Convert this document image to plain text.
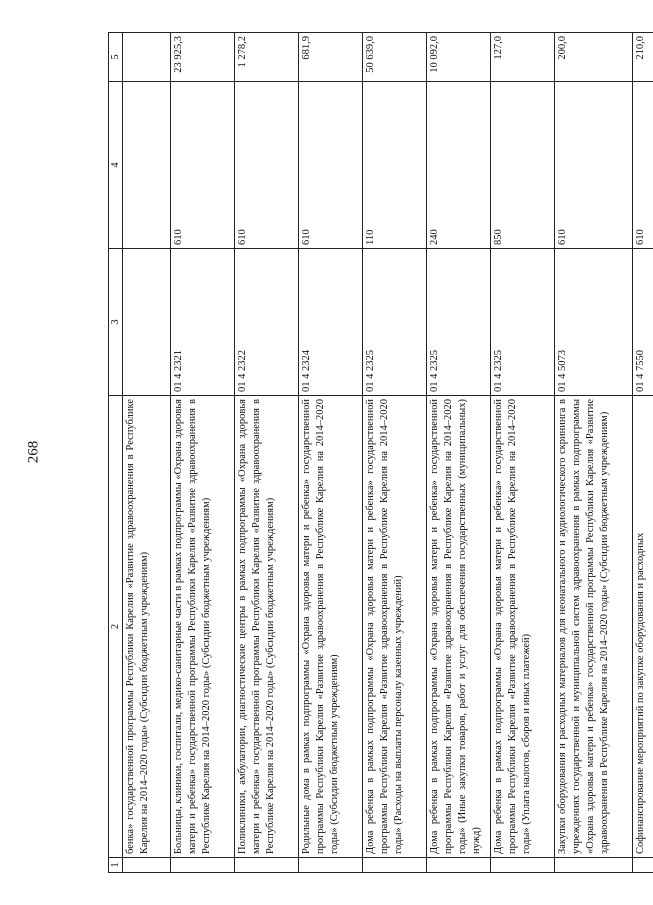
268
1	2	3	4	5
	бенка» государственной программы Республики Карелия «Развитие здравоохранения в Республике Карелия на 2014–2020 годы» (Субсидии бюджетным учреждениям)			
	Больницы, клиники, госпитали, медико-санитарные части в рамках подпрограммы «Охрана здоровья матери и ребенка» государственной программы Республики Карелия «Развитие здравоохранения в Республике Карелия на 2014–2020 годы» (Субсидии бюджетным учреждениям)	01 4 2321	610	23 925,3
	Поликлиники, амбулатории, диагностические центры в рамках подпрограммы «Охрана здоровья матери и ребенка» государственной программы Республики Карелия «Развитие здравоохранения в Республике Карелия на 2014–2020 годы» (Субсидии бюджетным учреждениям)	01 4 2322	610	1 278,2
	Родильные дома в рамках подпрограммы «Охрана здоровья матери и ребенка» государственной программы Республики Карелия «Развитие здравоохранения в Республике Карелия на 2014–2020 годы» (Субсидии бюджетным учреждениям)	01 4 2324	610	681,9
	Дома ребенка в рамках подпрограммы «Охрана здоровья матери и ребенка» государственной программы Республики Карелия «Развитие здравоохранения в Республике Карелия на 2014–2020 годы» (Расходы на выплаты персоналу казенных учреждений)	01 4 2325	110	50 639,0
	Дома ребенка в рамках подпрограммы «Охрана здоровья матери и ребенка» государственной программы Республики Карелия «Развитие здравоохранения в Республике Карелия на 2014–2020 годы» (Иные закупки товаров, работ и услуг для обеспечения государственных (муниципальных) нужд)	01 4 2325	240	10 092,0
	Дома ребенка в рамках подпрограммы «Охрана здоровья матери и ребенка» государственной программы Республики Карелия «Развитие здравоохранения в Республике Карелия на 2014–2020 годы» (Уплата налогов, сборов и иных платежей)	01 4 2325	850	127,0
	Закупки оборудования и расходных материалов для неонатального и аудиологического скрининга в учреждениях государственной и муниципальной систем здравоохранения в рамках подпрограммы «Охрана здоровья матери и ребенка» государственной программы Республики Карелия «Развитие здравоохранения в Республике Карелия на 2014–2020 годы» (Субсидии бюджетным учреждениям)	01 4 5073	610	200,0
	Софинансирование мероприятий по закупке оборудования и расходных	01 4 7550	610	210,0
